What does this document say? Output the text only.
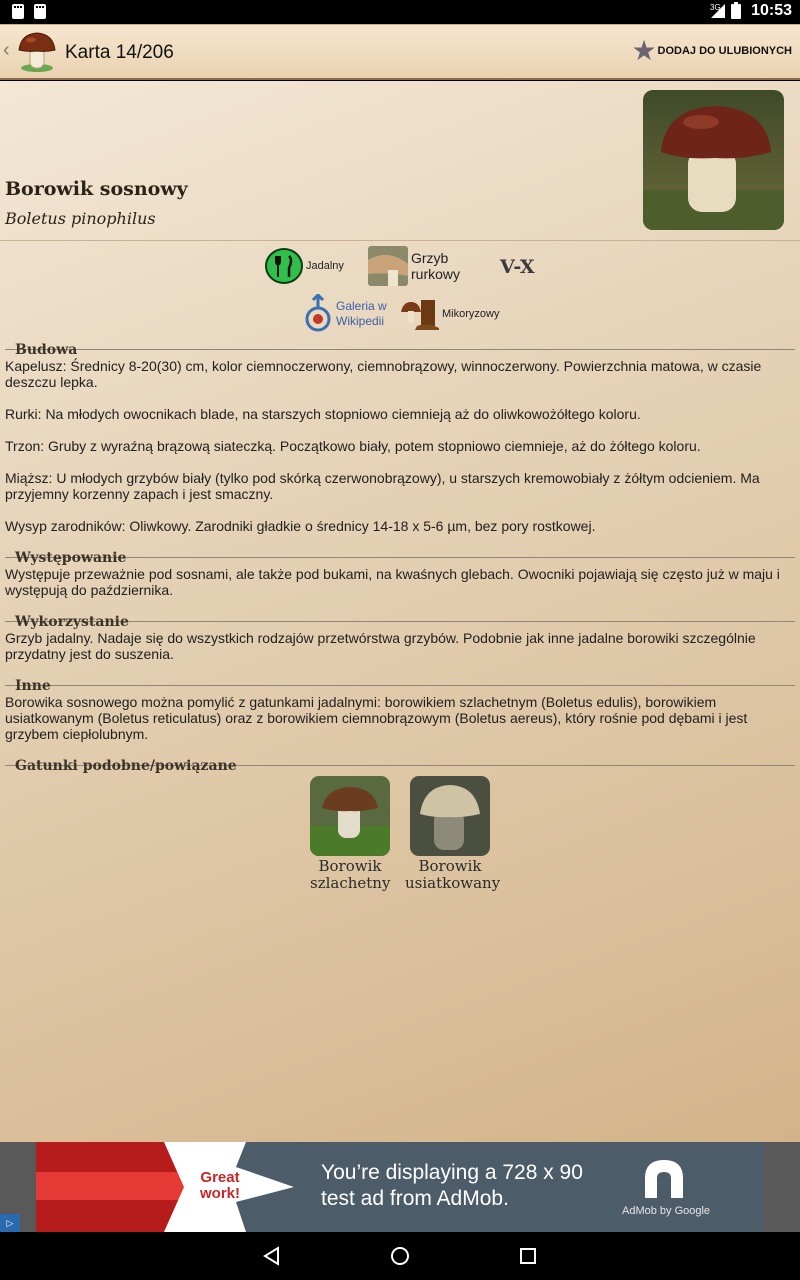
3G 10:53
‹	Karta 14/206	★ DODAJ DO ULUBIONYCH
Borowik sosnowy
Boletus pinophilus
Jadalny	Grzyb rurkowy	V-X
Galeria w Wikipedii	Mikoryzowy
Budowa

Kapelusz: Średnicy 8-20(30) cm, kolor ciemnoczerwony, ciemnobrązowy, winnoczerwony. Powierzchnia matowa, w czasie deszczu lepka.

Rurki: Na młodych owocnikach blade, na starszych stopniowo ciemnieją aż do oliwkowożółtego koloru.

Trzon: Gruby z wyraźną brązową siateczką. Początkowo biały, potem stopniowo ciemnieje, aż do żółtego koloru.

Miąższ: U młodych grzybów biały (tylko pod skórką czerwonobrązowy), u starszych kremowobiały z żółtym odcieniem. Ma przyjemny korzenny zapach i jest smaczny.

Wysyp zarodników: Oliwkowy. Zarodniki gładkie o średnicy 14-18 x 5-6 µm, bez pory rostkowej.

Występowanie

Występuje przeważnie pod sosnami, ale także pod bukami, na kwaśnych glebach. Owocniki pojawiają się często już w maju i występują do października.

Wykorzystanie

Grzyb jadalny. Nadaje się do wszystkich rodzajów przetwórstwa grzybów. Podobnie jak inne jadalne borowiki szczególnie przydatny jest do suszenia.

Inne

Borowika sosnowego można pomylić z gatunkami jadalnymi: borowikiem szlachetnym (Boletus edulis), borowikiem usiatkowanym (Boletus reticulatus) oraz z borowikiem ciemnobrązowym (Boletus aereus), który rośnie pod dębami i jest grzybem ciepłolubnym.

Gatunki podobne/powiązane
Borowik szlachetny
Borowik usiatkowany
Great work!
You’re displaying a 728 x 90 test ad from AdMob.
AdMob by Google
▷
